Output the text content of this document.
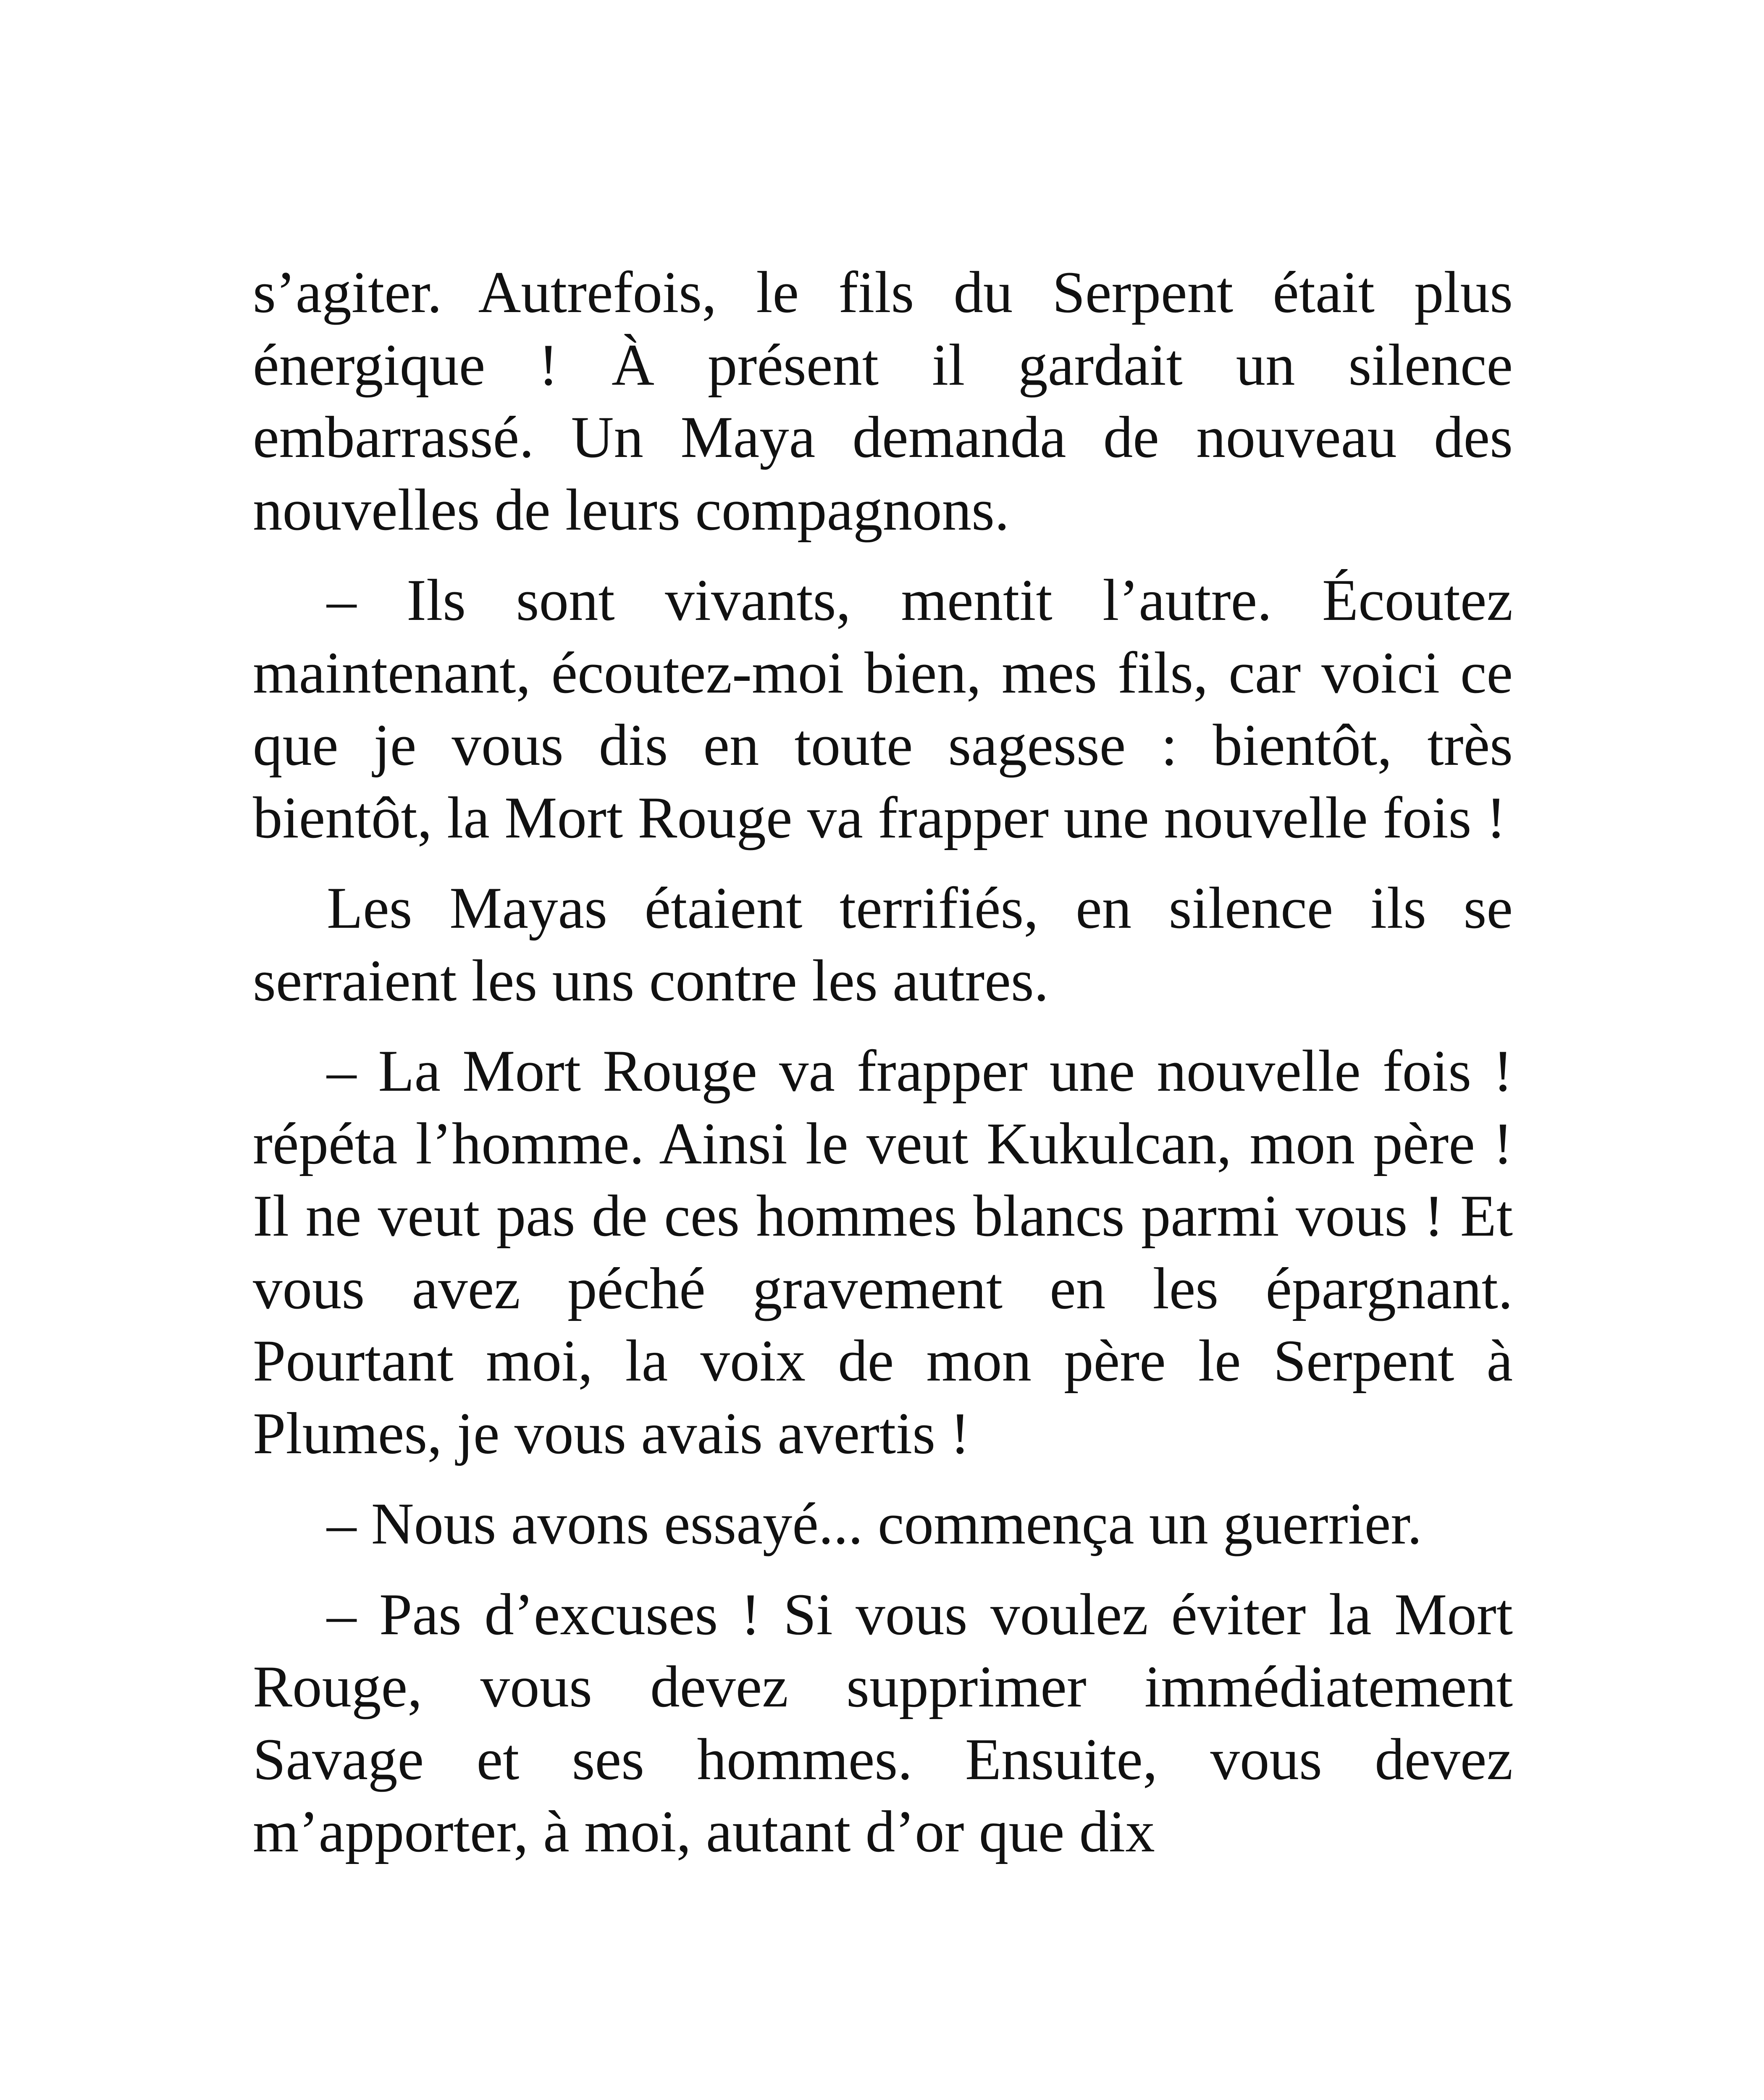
s’agiter. Autrefois, le fils du Serpent était plus énergique ! À présent il gardait un silence embarrassé. Un Maya demanda de nouveau des nouvelles de leurs compagnons.

– Ils sont vivants, mentit l’autre. Écoutez maintenant, écoutez-moi bien, mes fils, car voici ce que je vous dis en toute sagesse : bientôt, très bientôt, la Mort Rouge va frapper une nouvelle fois !

Les Mayas étaient terrifiés, en silence ils se serraient les uns contre les autres.

– La Mort Rouge va frapper une nouvelle fois ! répéta l’homme. Ainsi le veut Kukulcan, mon père ! Il ne veut pas de ces hommes blancs parmi vous ! Et vous avez péché gravement en les épargnant. Pourtant moi, la voix de mon père le Serpent à Plumes, je vous avais avertis !

– Nous avons essayé... commença un guerrier.

– Pas d’excuses ! Si vous voulez éviter la Mort Rouge, vous devez supprimer immédiatement Savage et ses hommes. Ensuite, vous devez m’apporter, à moi, autant d’or que dix
